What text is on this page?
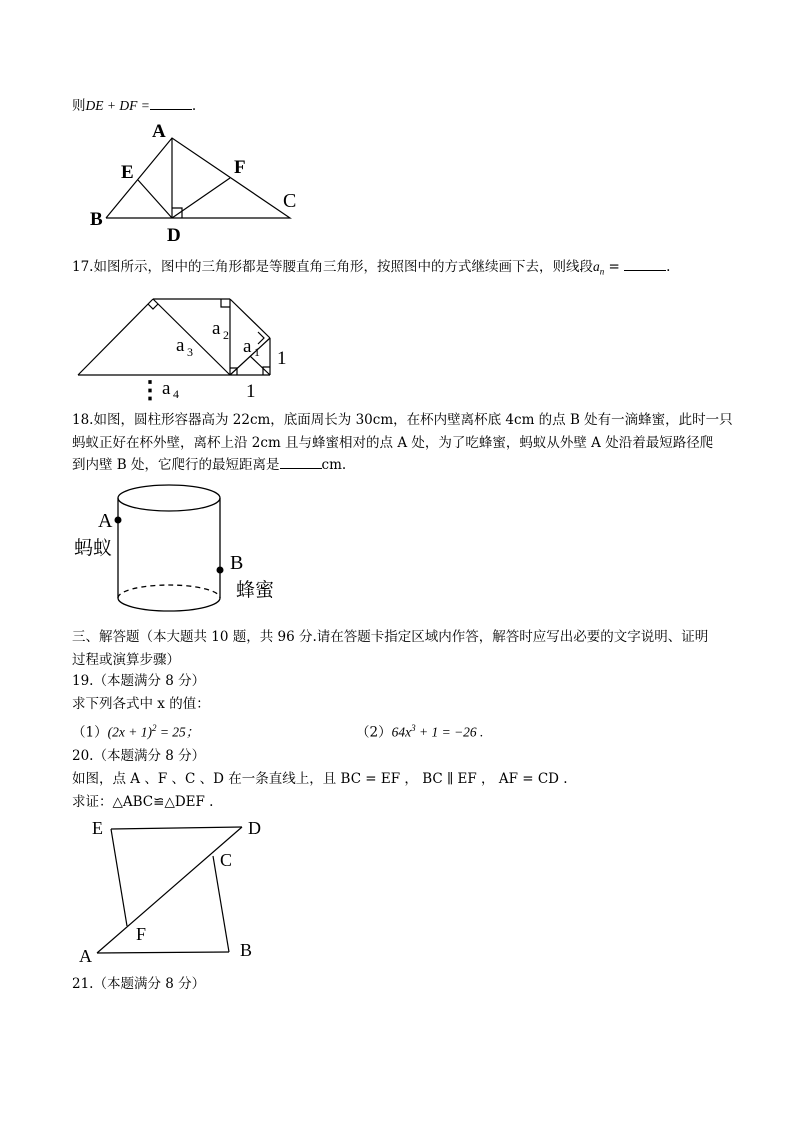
则DE + DF =	.
A
E	F
B
C
D
17.如图所示，图中的三角形都是等腰直角三角形，按照图中的方式继续画下去，则线段$a_n$ =	.
a 3
a 2
a 1
a 4
1
1
⋮
18.如图，圆柱形容器高为 22cm，底面周长为 30cm，在杯内壁离杯底 4cm 的点 B 处有一滴蜂蜜，此时一只
蚂蚁正好在杯外壁，离杯上沿 2cm 且与蜂蜜相对的点 A 处，为了吃蜂蜜，蚂蚁从外壁 A 处沿着最短路径爬
到内壁 B 处，它爬行的最短距离是	cm.
A
蚂蚁
B
蜂蜜
三、解答题（本大题共 10 题，共 96 分.请在答题卡指定区域内作答，解答时应写出必要的文字说明、证明
过程或演算步骤）
19.（本题满分 8 分）
求下列各式中 x 的值：
$(1)(2x + 1)^2 = 25$；	$(2)64x^3 + 1 = -26$ .
20.（本题满分 8 分）
如图，点 A 、F 、C 、D 在一条直线上，且 BC = EF ， BC ∥ EF ， AF = CD .
求证：△ABC≌△DEF .
E	D
C
F
A	B
21.（本题满分 8 分）
